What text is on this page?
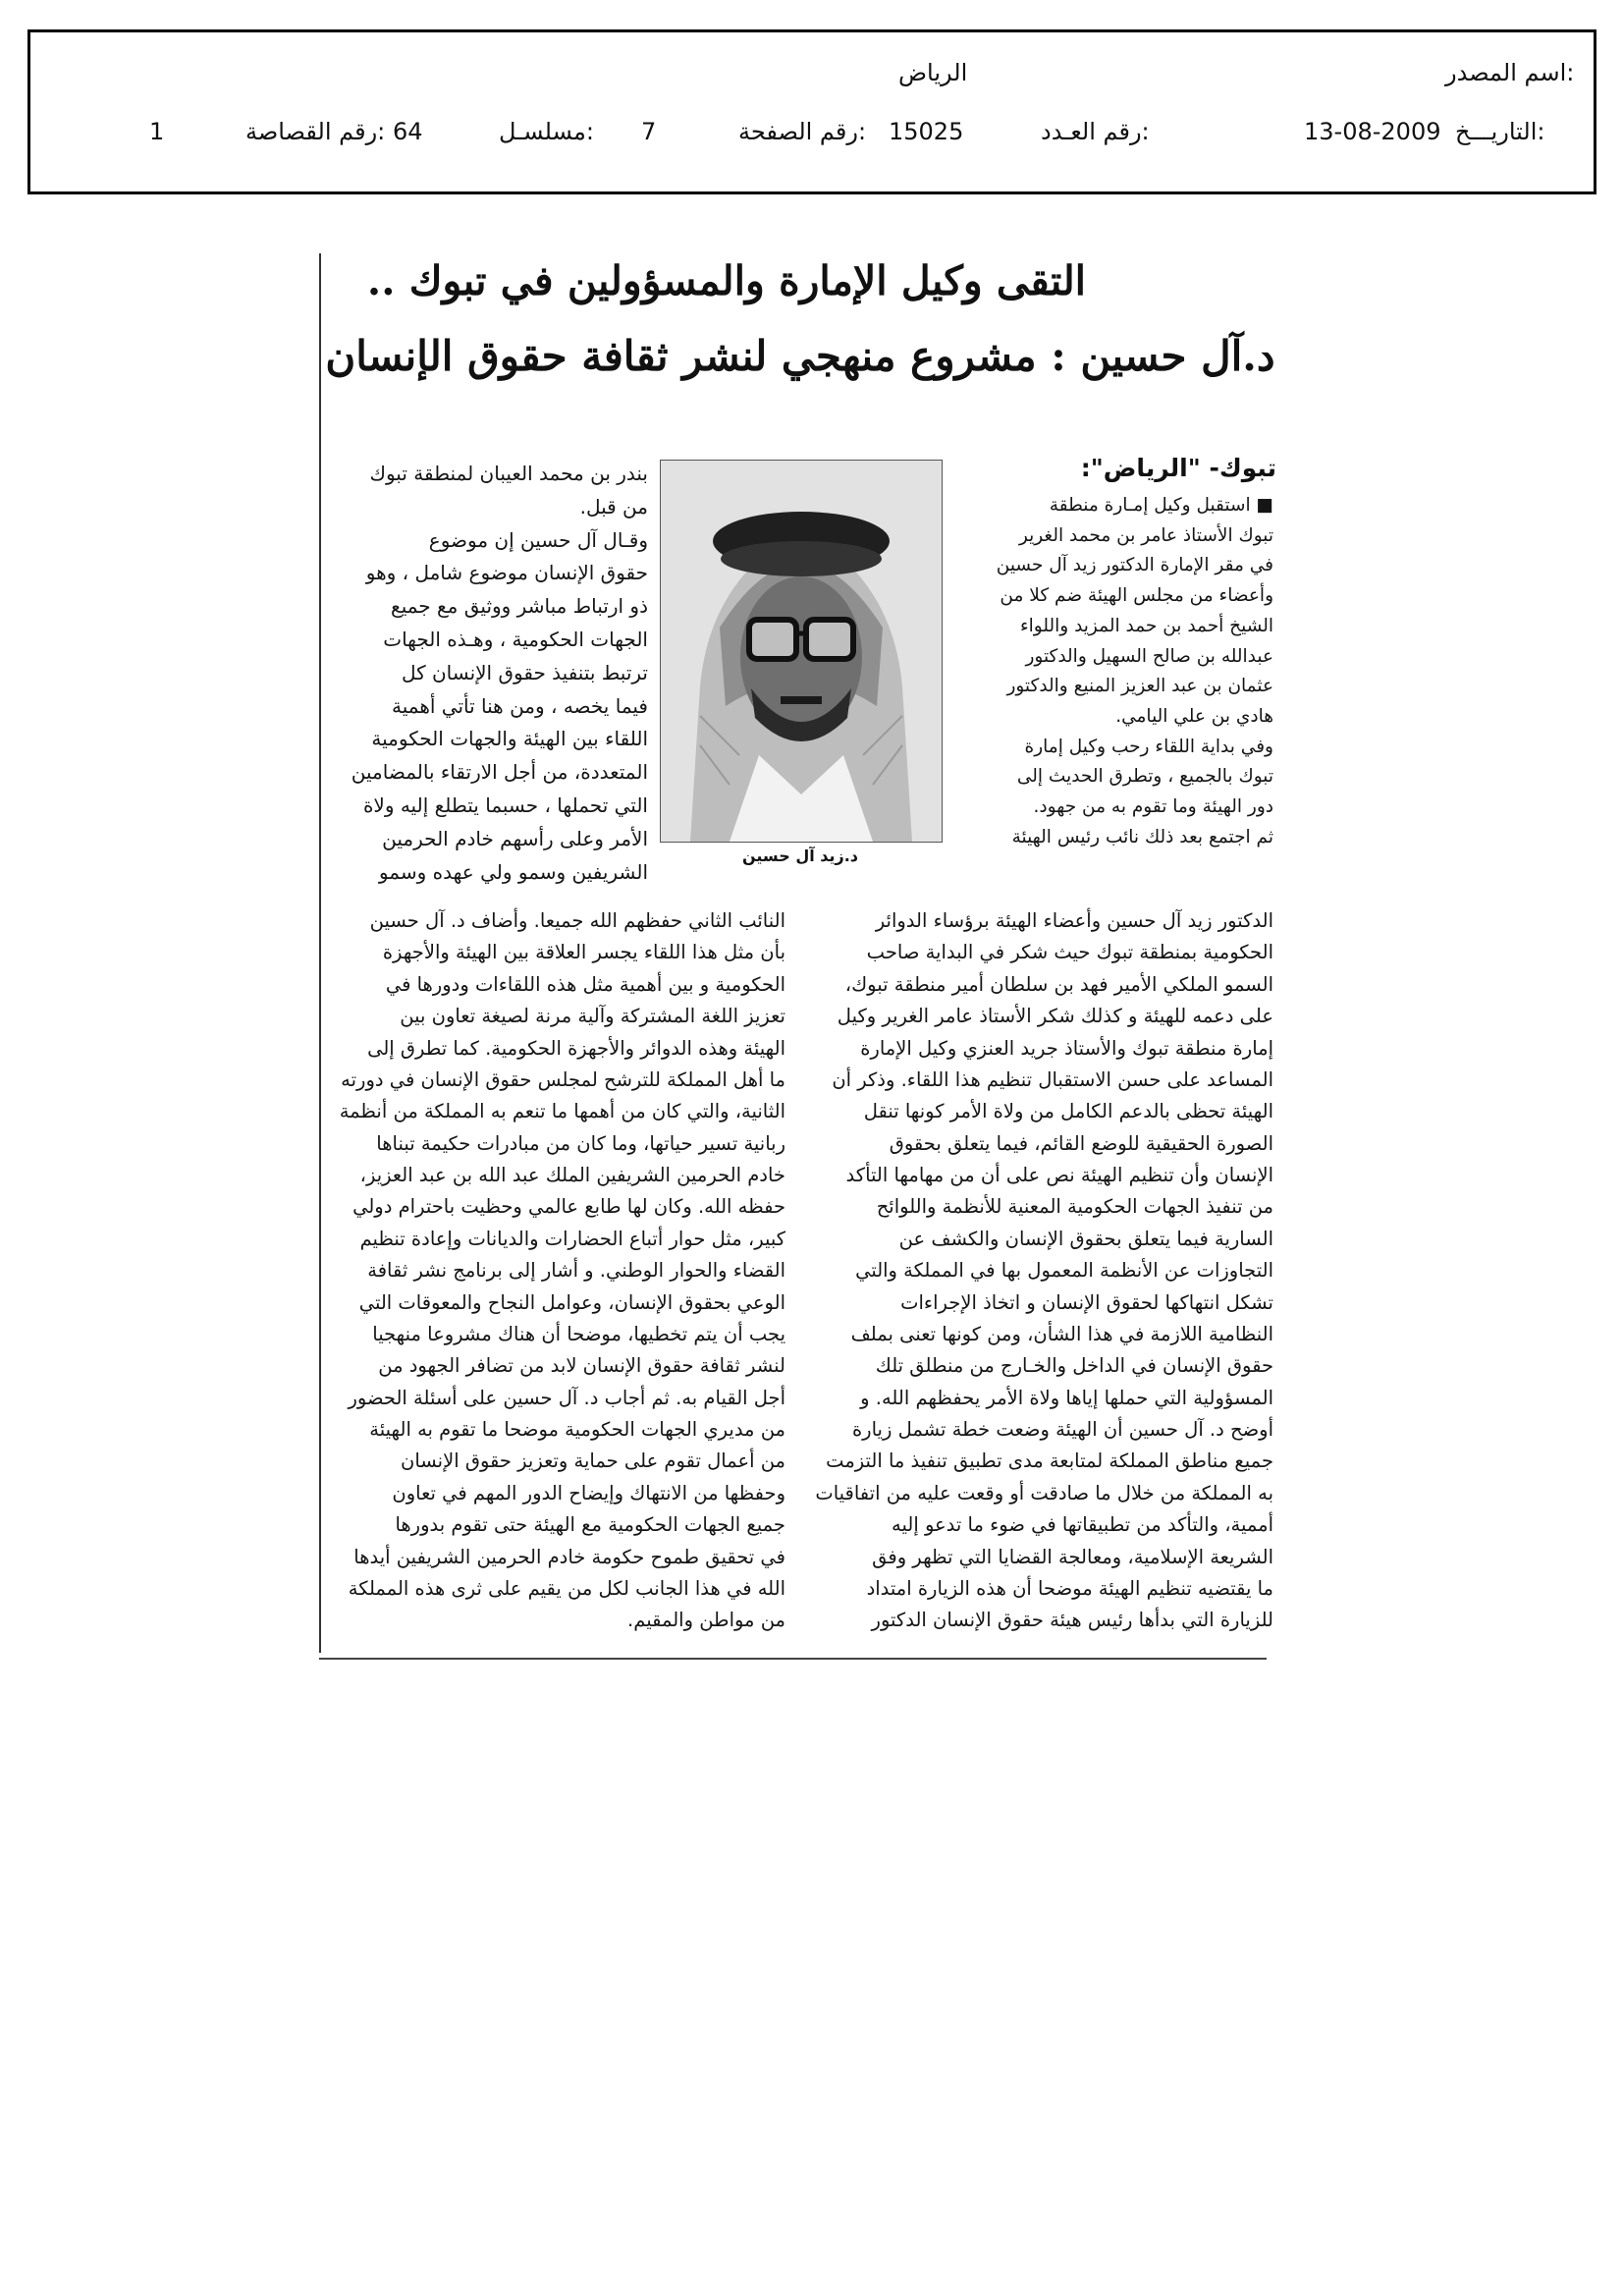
اسم المصدر:
الرياض
التاريـــخ:
13-08-2009
رقم العـدد:
15025
رقم الصفحة:
7
مسلسـل:
64
رقم القصاصة:
1
التقى وكيل الإمارة والمسؤولين في تبوك ..
د.آل حسين : مشروع منهجي لنشر ثقافة حقوق الإنسان
تبوك- "الرياض":
د.زيد آل حسين
■ استقبل وكيل إمـارة منطقة
تبوك الأستاذ عامر بن محمد الغرير
في مقر الإمارة الدكتور زيد آل حسين
وأعضاء من مجلس الهيئة ضم كلا من
الشيخ أحمد بن حمد المزيد واللواء
عبدالله بن صالح السهيل والدكتور
عثمان بن عبد العزيز المنيع والدكتور
هادي بن علي اليامي.
وفي بداية اللقاء رحب وكيل إمارة
تبوك بالجميع ، وتطرق الحديث إلى
دور الهيئة وما تقوم به من جهود.
ثم اجتمع بعد ذلك نائب رئيس الهيئة
بندر بن محمد العيبان لمنطقة تبوك
من قبل.
وقـال آل حسين إن موضوع
حقوق الإنسان موضوع شامل ، وهو
ذو ارتباط مباشر ووثيق مع جميع
الجهات الحكومية ، وهـذه الجهات
ترتبط بتنفيذ حقوق الإنسان كل
فيما يخصه ، ومن هنا تأتي أهمية
اللقاء بين الهيئة والجهات الحكومية
المتعددة، من أجل الارتقاء بالمضامين
التي تحملها ، حسبما يتطلع إليه ولاة
الأمر وعلى رأسهم خادم الحرمين
الشريفين وسمو ولي عهده وسمو
الدكتور زيد آل حسين وأعضاء الهيئة برؤساء الدوائر
الحكومية بمنطقة تبوك حيث شكر في البداية صاحب
السمو الملكي الأمير فهد بن سلطان أمير منطقة تبوك،
على دعمه للهيئة و كذلك شكر الأستاذ عامر الغرير وكيل
إمارة منطقة تبوك والأستاذ جريد العنزي وكيل الإمارة
المساعد على حسن الاستقبال تنظيم هذا اللقاء. وذكر أن
الهيئة تحظى بالدعم الكامل من ولاة الأمر كونها تنقل
الصورة الحقيقية للوضع القائم، فيما يتعلق بحقوق
الإنسان وأن تنظيم الهيئة نص على أن من مهامها التأكد
من تنفيذ الجهات الحكومية المعنية للأنظمة واللوائح
السارية فيما يتعلق بحقوق الإنسان والكشف عن
التجاوزات عن الأنظمة المعمول بها في المملكة والتي
تشكل انتهاكها لحقوق الإنسان و اتخاذ الإجراءات
النظامية اللازمة في هذا الشأن، ومن كونها تعنى بملف
حقوق الإنسان في الداخل والخـارج من منطلق تلك
المسؤولية التي حملها إياها ولاة الأمر يحفظهم الله. و
أوضح د. آل حسين أن الهيئة وضعت خطة تشمل زيارة
جميع مناطق المملكة لمتابعة مدى تطبيق تنفيذ ما التزمت
به المملكة من خلال ما صادقت أو وقعت عليه من اتفاقيات
أممية، والتأكد من تطبيقاتها في ضوء ما تدعو إليه
الشريعة الإسلامية، ومعالجة القضايا التي تظهر وفق
ما يقتضيه تنظيم الهيئة موضحا أن هذه الزيارة امتداد
للزيارة التي بدأها رئيس هيئة حقوق الإنسان الدكتور
النائب الثاني حفظهم الله جميعا. وأضاف د. آل حسين
بأن مثل هذا اللقاء يجسر العلاقة بين الهيئة والأجهزة
الحكومية و بين أهمية مثل هذه اللقاءات ودورها في
تعزيز اللغة المشتركة وآلية مرنة لصيغة تعاون بين
الهيئة وهذه الدوائر والأجهزة الحكومية. كما تطرق إلى
ما أهل المملكة للترشح لمجلس حقوق الإنسان في دورته
الثانية، والتي كان من أهمها ما تنعم به المملكة من أنظمة
ربانية تسير حياتها، وما كان من مبادرات حكيمة تبناها
خادم الحرمين الشريفين الملك عبد الله بن عبد العزيز،
حفظه الله. وكان لها طابع عالمي وحظيت باحترام دولي
كبير، مثل حوار أتباع الحضارات والديانات وإعادة تنظيم
القضاء والحوار الوطني. و أشار إلى برنامج نشر ثقافة
الوعي بحقوق الإنسان، وعوامل النجاح والمعوقات التي
يجب أن يتم تخطيها، موضحا أن هناك مشروعا منهجيا
لنشر ثقافة حقوق الإنسان لابد من تضافر الجهود من
أجل القيام به. ثم أجاب د. آل حسين على أسئلة الحضور
من مديري الجهات الحكومية موضحا ما تقوم به الهيئة
من أعمال تقوم على حماية وتعزيز حقوق الإنسان
وحفظها من الانتهاك وإيضاح الدور المهم في تعاون
جميع الجهات الحكومية مع الهيئة حتى تقوم بدورها
في تحقيق طموح حكومة خادم الحرمين الشريفين أيدها
الله في هذا الجانب لكل من يقيم على ثرى هذه المملكة
من مواطن والمقيم.
